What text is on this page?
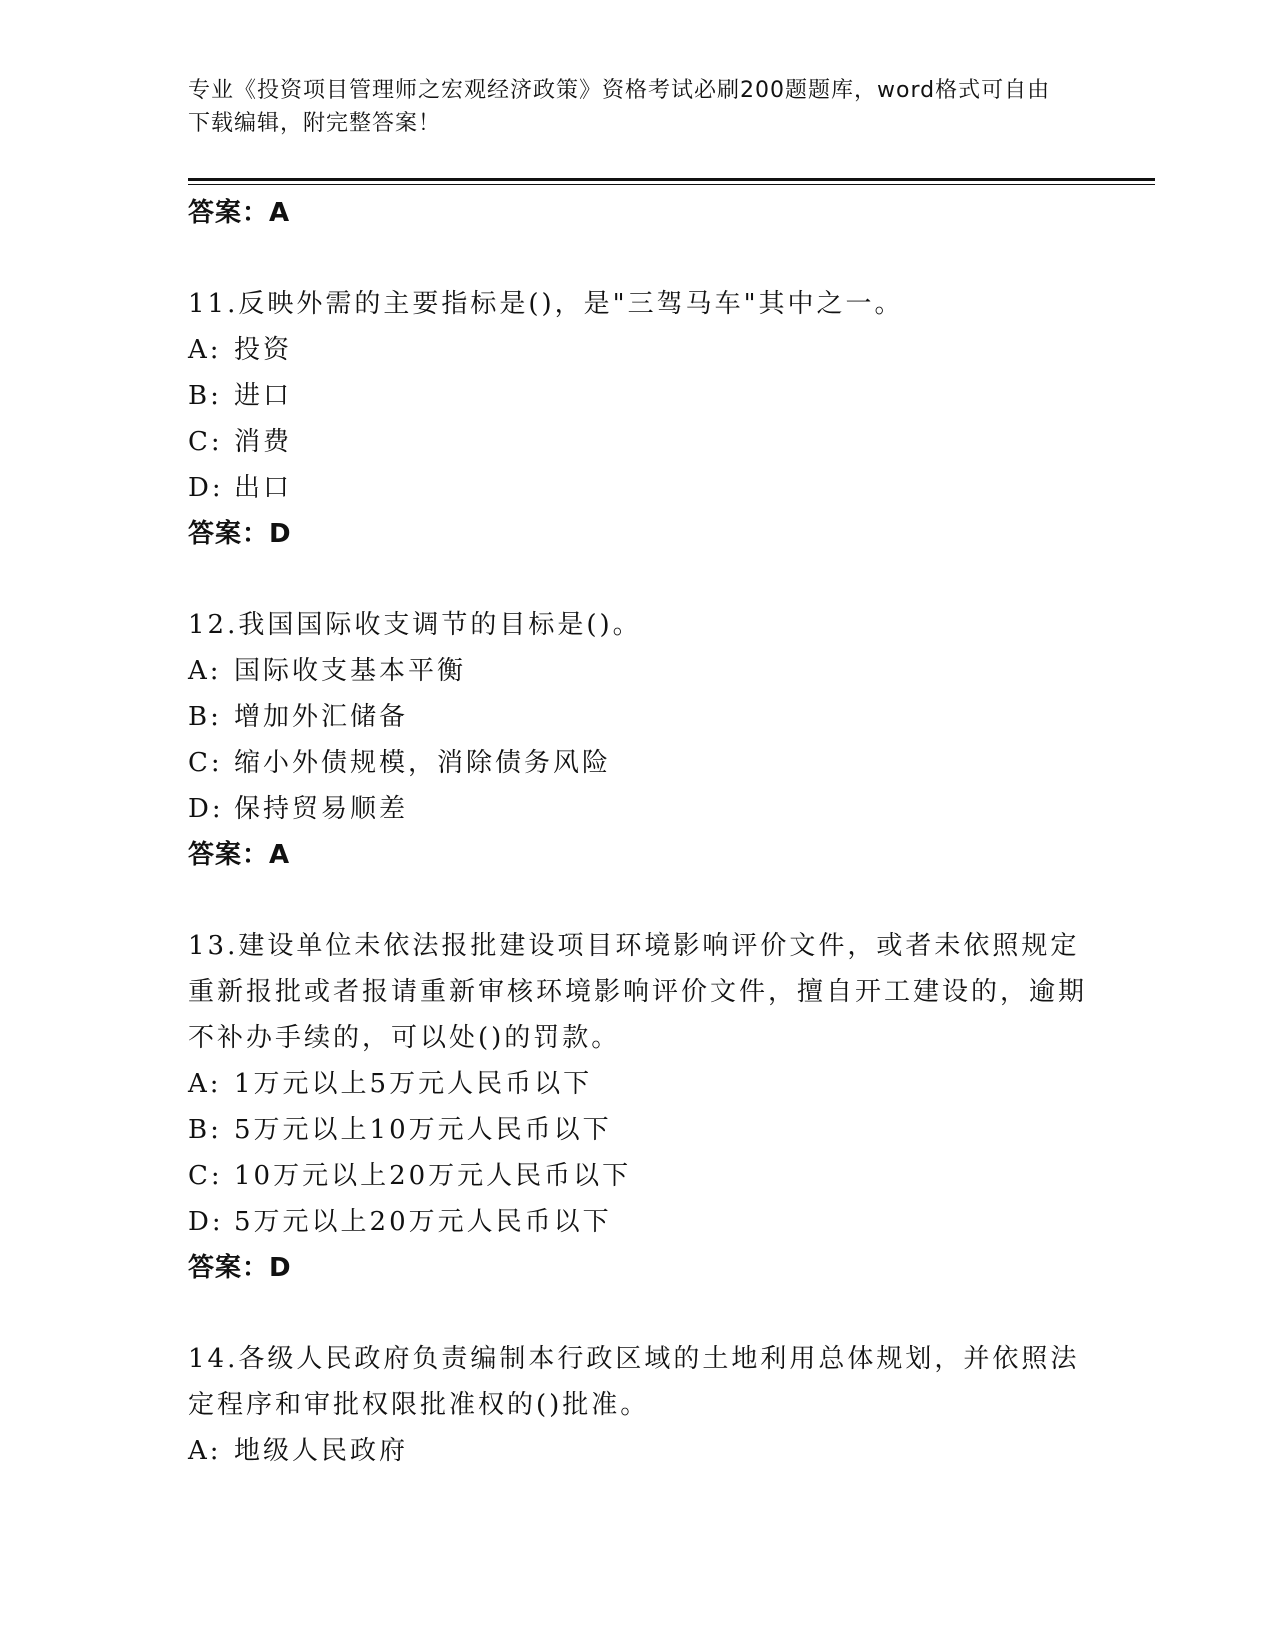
专业《投资项目管理师之宏观经济政策》资格考试必刷200题题库，word格式可自由下载编辑，附完整答案！
答案：A
11.反映外需的主要指标是()，是"三驾马车"其中之一。
A: 投资
B: 进口
C: 消费
D: 出口
答案：D
12.我国国际收支调节的目标是()。
A: 国际收支基本平衡
B: 增加外汇储备
C: 缩小外债规模，消除债务风险
D: 保持贸易顺差
答案：A
13.建设单位未依法报批建设项目环境影响评价文件，或者未依照规定重新报批或者报请重新审核环境影响评价文件，擅自开工建设的，逾期不补办手续的，可以处()的罚款。
A: 1万元以上5万元人民币以下
B: 5万元以上10万元人民币以下
C: 10万元以上20万元人民币以下
D: 5万元以上20万元人民币以下
答案：D
14.各级人民政府负责编制本行政区域的土地利用总体规划，并依照法定程序和审批权限批准权的()批准。
A: 地级人民政府
